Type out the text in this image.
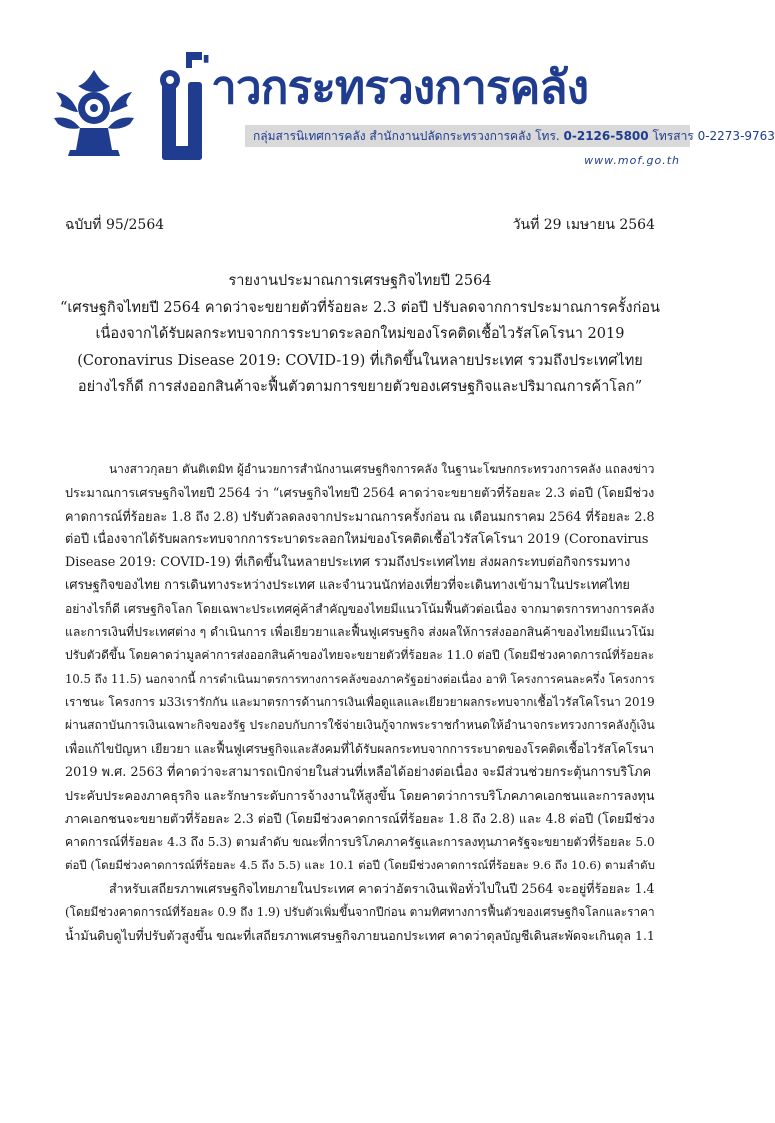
่าวกระทรวงการคลัง
กลุ่มสารนิเทศการคลัง สำนักงานปลัดกระทรวงการคลัง โทร. 0-2126-5800 โทรสาร 0-2273-9763
www.mof.go.th
ฉบับที่ 95/2564	วันที่ 29 เมษายน 2564
รายงานประมาณการเศรษฐกิจไทยปี 2564
“เศรษฐกิจไทยปี 2564 คาดว่าจะขยายตัวที่ร้อยละ 2.3 ต่อปี ปรับลดจากการประมาณการครั้งก่อน
เนื่องจากได้รับผลกระทบจากการระบาดระลอกใหม่ของโรคติดเชื้อไวรัสโคโรนา 2019
(Coronavirus Disease 2019: COVID-19) ที่เกิดขึ้นในหลายประเทศ รวมถึงประเทศไทย
อย่างไรก็ดี การส่งออกสินค้าจะฟื้นตัวตามการขยายตัวของเศรษฐกิจและปริมาณการค้าโลก”
นางสาวกุลยา ตันติเตมิท ผู้อำนวยการสำนักงานเศรษฐกิจการคลัง ในฐานะโฆษกกระทรวงการคลัง แถลงข่าว
ประมาณการเศรษฐกิจไทยปี 2564 ว่า “เศรษฐกิจไทยปี 2564 คาดว่าจะขยายตัวที่ร้อยละ 2.3 ต่อปี (โดยมีช่วง
คาดการณ์ที่ร้อยละ 1.8 ถึง 2.8) ปรับตัวลดลงจากประมาณการครั้งก่อน ณ เดือนมกราคม 2564 ที่ร้อยละ 2.8
ต่อปี เนื่องจากได้รับผลกระทบจากการระบาดระลอกใหม่ของโรคติดเชื้อไวรัสโคโรนา 2019 (Coronavirus
Disease 2019: COVID-19) ที่เกิดขึ้นในหลายประเทศ รวมถึงประเทศไทย ส่งผลกระทบต่อกิจกรรมทาง
เศรษฐกิจของไทย การเดินทางระหว่างประเทศ และจำนวนนักท่องเที่ยวที่จะเดินทางเข้ามาในประเทศไทย
อย่างไรก็ดี เศรษฐกิจโลก โดยเฉพาะประเทศคู่ค้าสำคัญของไทยมีแนวโน้มฟื้นตัวต่อเนื่อง จากมาตรการทางการคลัง
และการเงินที่ประเทศต่าง ๆ ดำเนินการ เพื่อเยียวยาและฟื้นฟูเศรษฐกิจ ส่งผลให้การส่งออกสินค้าของไทยมีแนวโน้ม
ปรับตัวดีขึ้น โดยคาดว่ามูลค่าการส่งออกสินค้าของไทยจะขยายตัวที่ร้อยละ 11.0 ต่อปี (โดยมีช่วงคาดการณ์ที่ร้อยละ
10.5 ถึง 11.5) นอกจากนี้ การดำเนินมาตรการทางการคลังของภาครัฐอย่างต่อเนื่อง อาทิ โครงการคนละครึ่ง โครงการ
เราชนะ โครงการ ม33เรารักกัน และมาตรการด้านการเงินเพื่อดูแลและเยียวยาผลกระทบจากเชื้อไวรัสโคโรนา 2019
ผ่านสถาบันการเงินเฉพาะกิจของรัฐ ประกอบกับการใช้จ่ายเงินกู้จากพระราชกำหนดให้อำนาจกระทรวงการคลังกู้เงิน
เพื่อแก้ไขปัญหา เยียวยา และฟื้นฟูเศรษฐกิจและสังคมที่ได้รับผลกระทบจากการระบาดของโรคติดเชื้อไวรัสโคโรนา
2019 พ.ศ. 2563 ที่คาดว่าจะสามารถเบิกจ่ายในส่วนที่เหลือได้อย่างต่อเนื่อง จะมีส่วนช่วยกระตุ้นการบริโภค
ประคับประคองภาคธุรกิจ และรักษาระดับการจ้างงานให้สูงขึ้น โดยคาดว่าการบริโภคภาคเอกชนและการลงทุน
ภาคเอกชนจะขยายตัวที่ร้อยละ 2.3 ต่อปี (โดยมีช่วงคาดการณ์ที่ร้อยละ 1.8 ถึง 2.8) และ 4.8 ต่อปี (โดยมีช่วง
คาดการณ์ที่ร้อยละ 4.3 ถึง 5.3) ตามลำดับ ขณะที่การบริโภคภาครัฐและการลงทุนภาครัฐจะขยายตัวที่ร้อยละ 5.0
ต่อปี (โดยมีช่วงคาดการณ์ที่ร้อยละ 4.5 ถึง 5.5) และ 10.1 ต่อปี (โดยมีช่วงคาดการณ์ที่ร้อยละ 9.6 ถึง 10.6) ตามลำดับ
สำหรับเสถียรภาพเศรษฐกิจไทยภายในประเทศ คาดว่าอัตราเงินเฟ้อทั่วไปในปี 2564 จะอยู่ที่ร้อยละ 1.4
(โดยมีช่วงคาดการณ์ที่ร้อยละ 0.9 ถึง 1.9) ปรับตัวเพิ่มขึ้นจากปีก่อน ตามทิศทางการฟื้นตัวของเศรษฐกิจโลกและราคา
น้ำมันดิบดูไบที่ปรับตัวสูงขึ้น ขณะที่เสถียรภาพเศรษฐกิจภายนอกประเทศ คาดว่าดุลบัญชีเดินสะพัดจะเกินดุล 1.1
